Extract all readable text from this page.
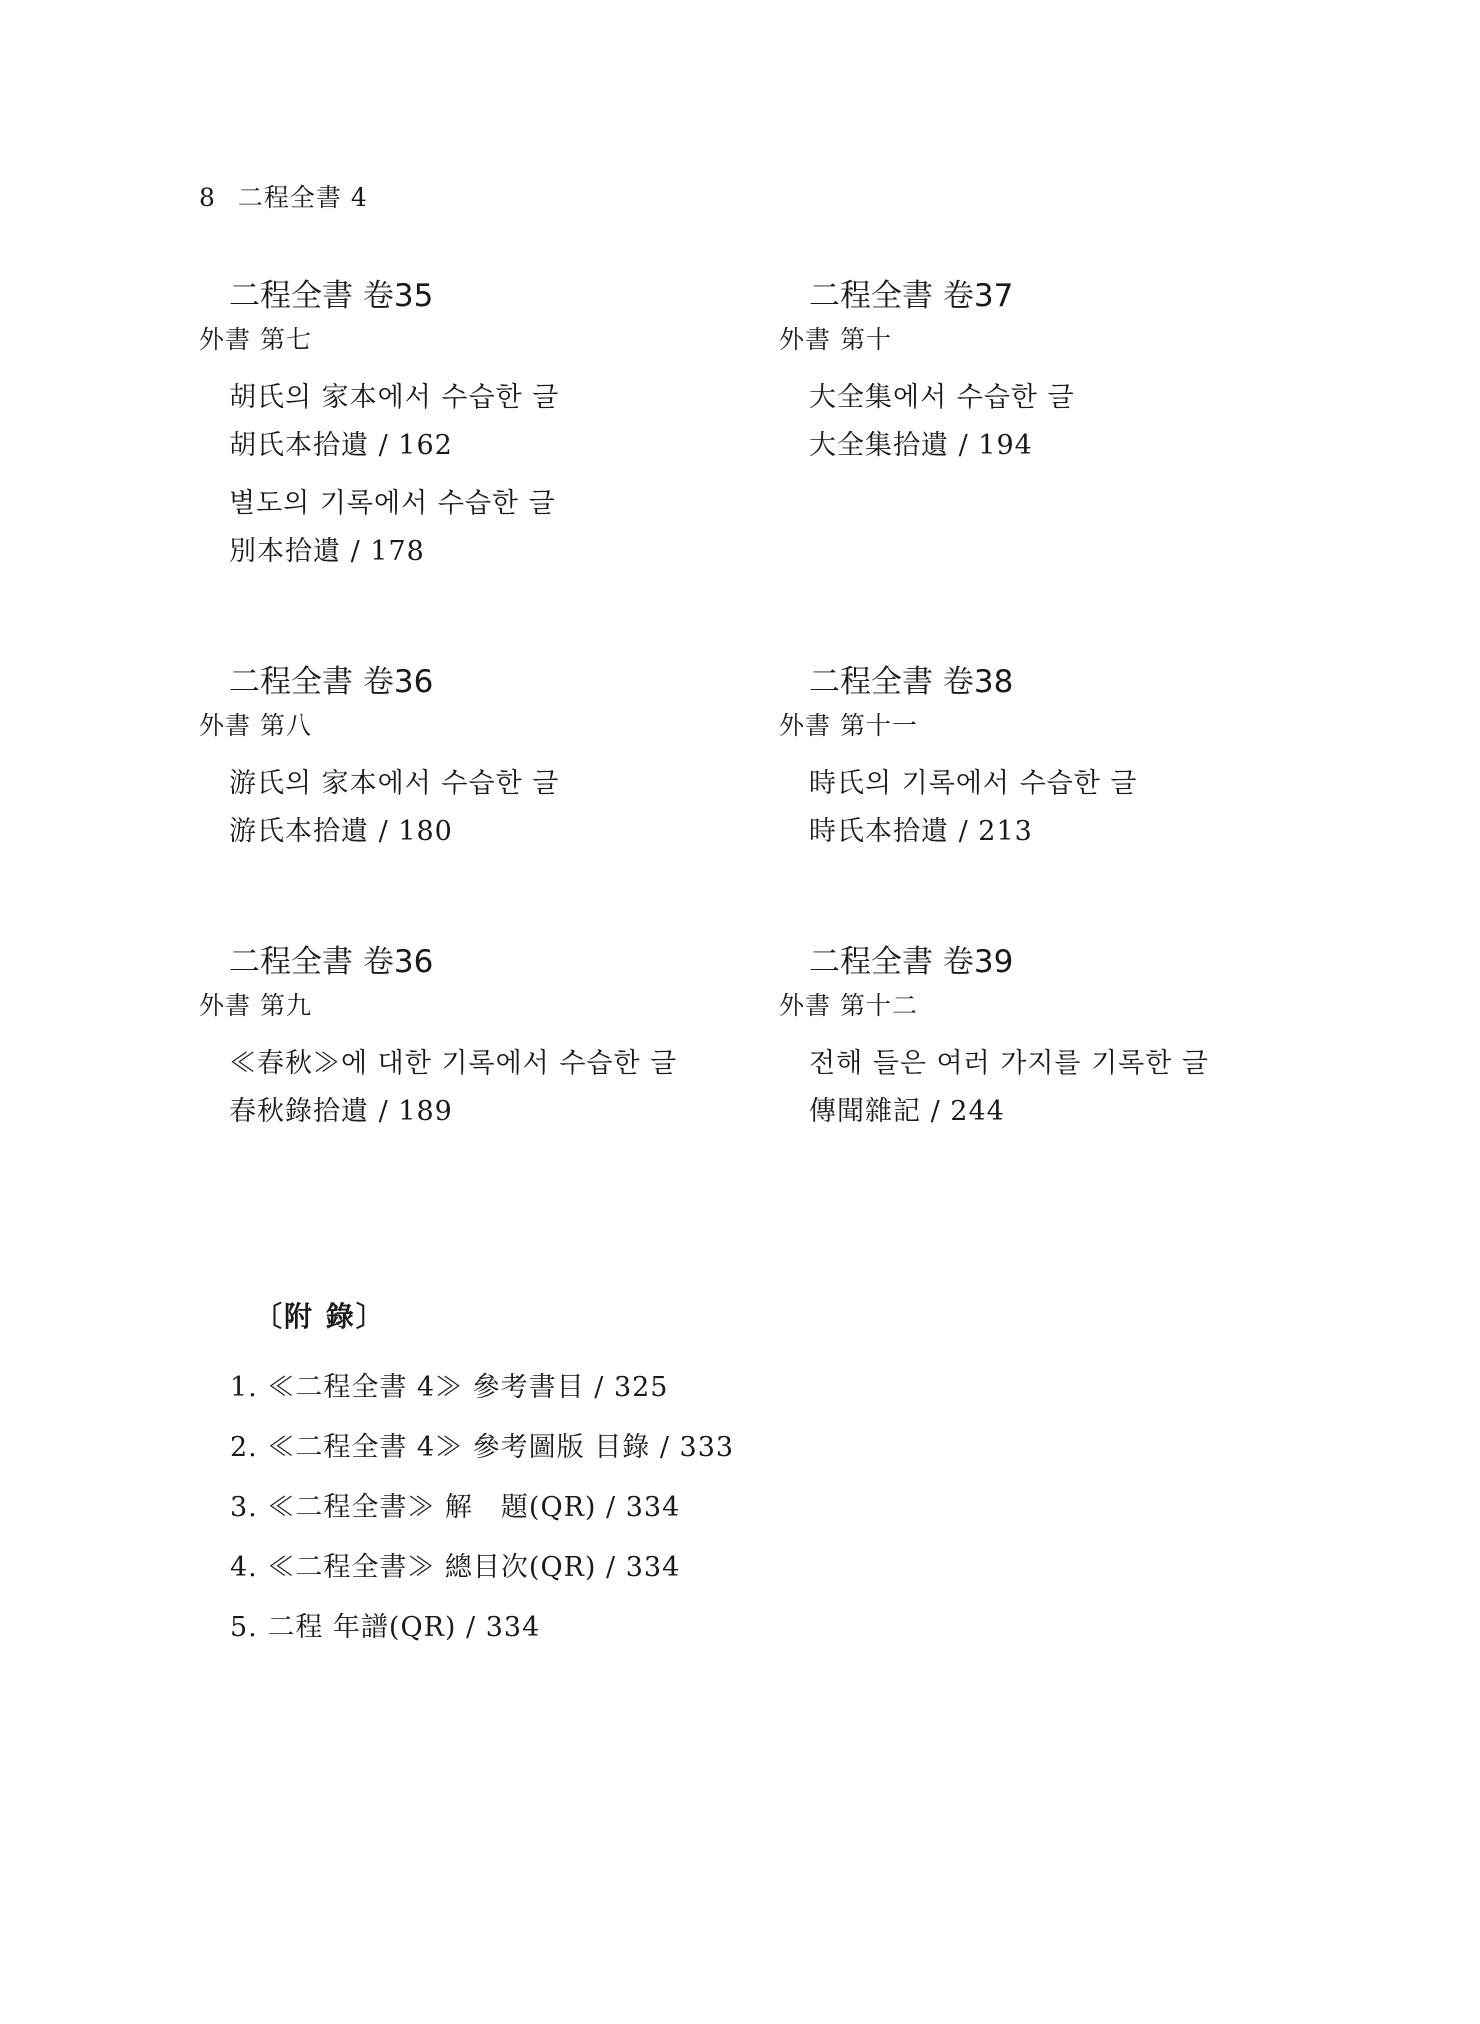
8 二程全書 4
二程全書 卷35
外書 第七
胡氏의 家本에서 수습한 글
胡氏本拾遺 / 162
별도의 기록에서 수습한 글
別本拾遺 / 178
二程全書 卷37
外書 第十
大全集에서 수습한 글
大全集拾遺 / 194
二程全書 卷36
外書 第八
游氏의 家本에서 수습한 글
游氏本拾遺 / 180
二程全書 卷38
外書 第十一
時氏의 기록에서 수습한 글
時氏本拾遺 / 213
二程全書 卷36
外書 第九
≪春秋≫에 대한 기록에서 수습한 글
春秋錄拾遺 / 189
二程全書 卷39
外書 第十二
전해 들은 여러 가지를 기록한 글
傳聞雜記 / 244
〔附 錄〕
1. ≪二程全書 4≫ 參考書目 / 325
2. ≪二程全書 4≫ 參考圖版 目錄 / 333
3. ≪二程全書≫ 解　題(QR) / 334
4. ≪二程全書≫ 總目次(QR) / 334
5. 二程 年譜(QR) / 334
